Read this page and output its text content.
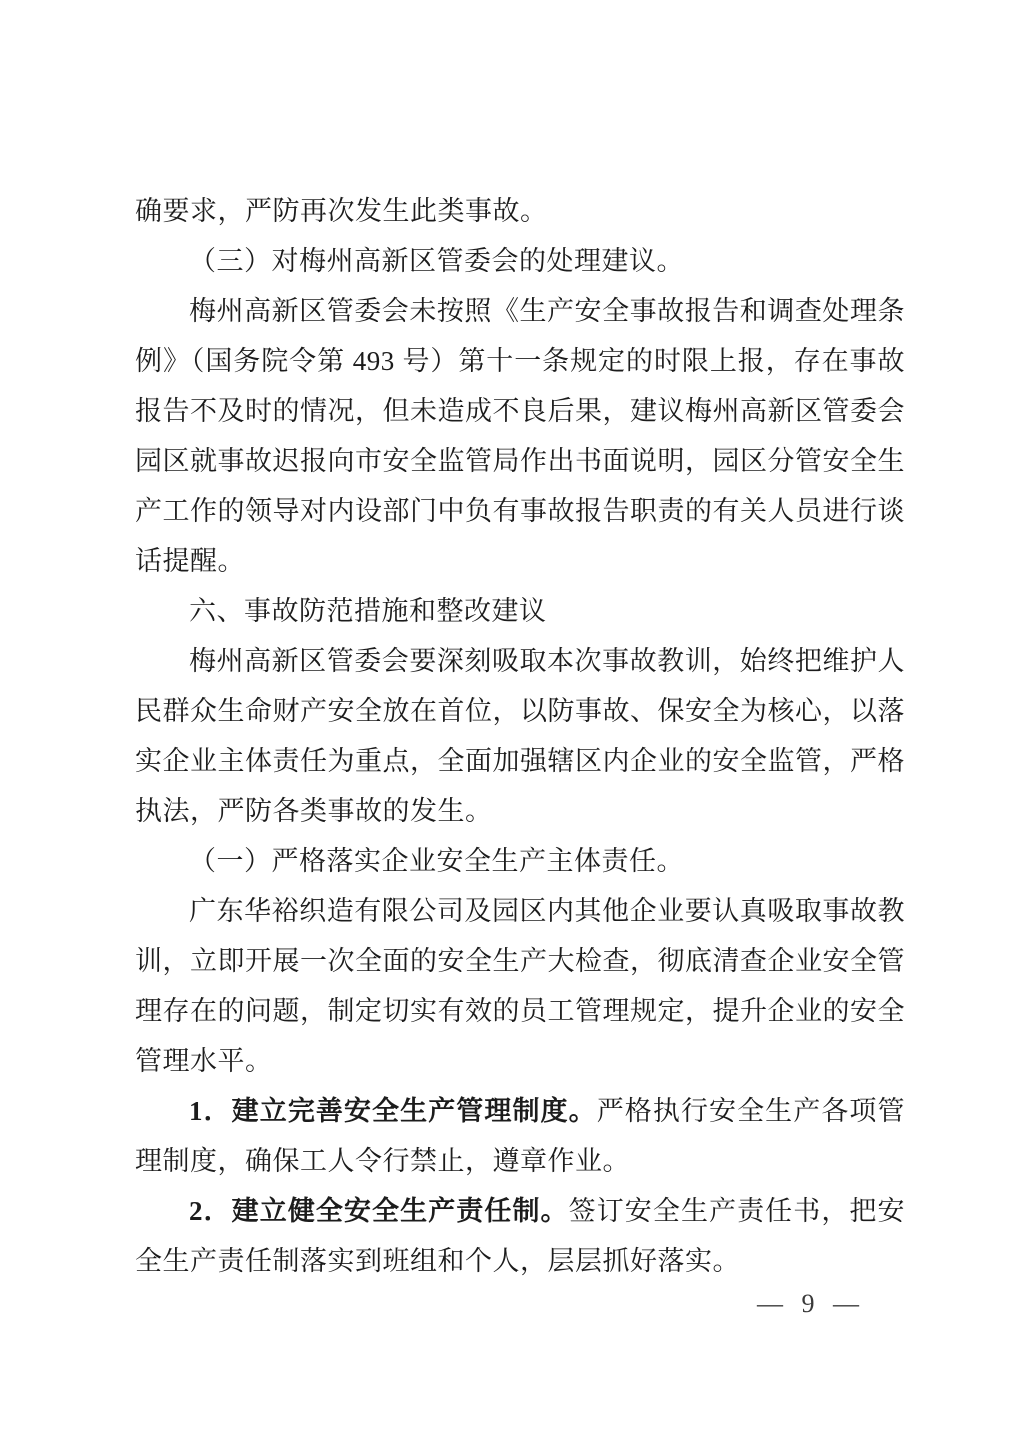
确要求，严防再次发生此类事故。

（三）对梅州高新区管委会的处理建议。

梅州高新区管委会未按照《生产安全事故报告和调查处理条例》（国务院令第 493 号）第十一条规定的时限上报，存在事故报告不及时的情况，但未造成不良后果，建议梅州高新区管委会园区就事故迟报向市安全监管局作出书面说明，园区分管安全生产工作的领导对内设部门中负有事故报告职责的有关人员进行谈话提醒。

六、事故防范措施和整改建议

梅州高新区管委会要深刻吸取本次事故教训，始终把维护人民群众生命财产安全放在首位，以防事故、保安全为核心，以落实企业主体责任为重点，全面加强辖区内企业的安全监管，严格执法，严防各类事故的发生。

（一）严格落实企业安全生产主体责任。

广东华裕织造有限公司及园区内其他企业要认真吸取事故教训，立即开展一次全面的安全生产大检查，彻底清查企业安全管理存在的问题，制定切实有效的员工管理规定，提升企业的安全管理水平。

1．建立完善安全生产管理制度。严格执行安全生产各项管理制度，确保工人令行禁止，遵章作业。

2．建立健全安全生产责任制。签订安全生产责任书，把安全生产责任制落实到班组和个人，层层抓好落实。

— 9 —
